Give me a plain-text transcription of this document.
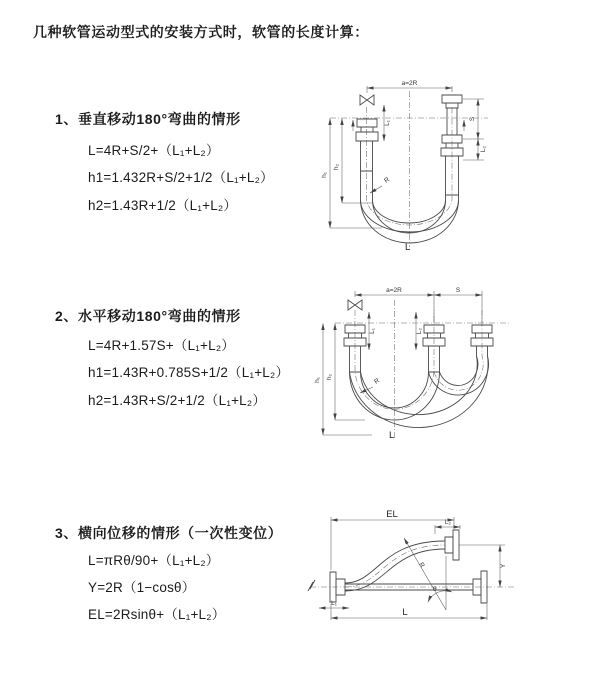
几种软管运动型式的安装方式时，软管的长度计算：
1、垂直移动180°弯曲的情形
L=4R+S/2+（L₁+L₂）
h1=1.432R+S/2+1/2（L₁+L₂）
h2=1.43R+1/2（L₁+L₂）
2、水平移动180°弯曲的情形
L=4R+1.57S+（L₁+L₂）
h1=1.43R+0.785S+1/2（L₁+L₂）
h2=1.43R+S/2+1/2（L₁+L₂）
3、横向位移的情形（一次性变位）
L=πRθ/90+（L₁+L₂）
Y=2R（1−cosθ）
EL=2Rsinθ+（L₁+L₂）
a=2R
S
L₂
L₁
h₁
h₂
R
L
a=2R	S
L₁	L₂
h₁ h₂
R
L
EL
L₂
Y
R
θ
L₁
L
